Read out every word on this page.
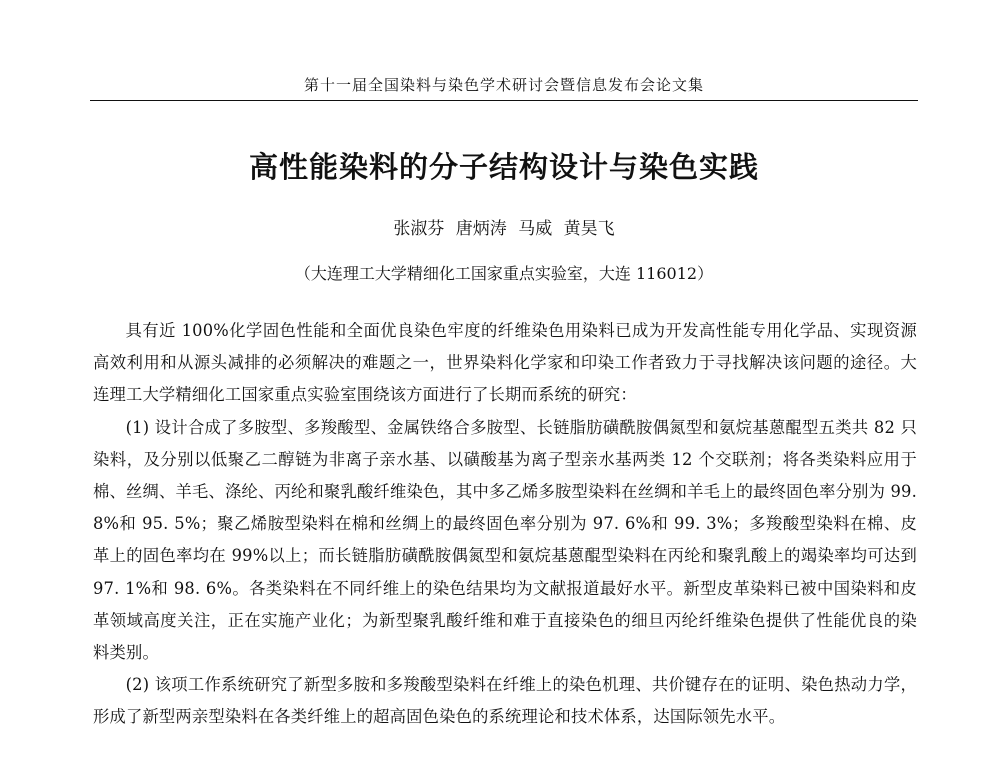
第十一届全国染料与染色学术研讨会暨信息发布会论文集
高性能染料的分子结构设计与染色实践
张淑芬 唐炳涛 马威 黄昊飞
（大连理工大学精细化工国家重点实验室，大连 116012）

具有近 100%化学固色性能和全面优良染色牢度的纤维染色用染料已成为开发高性能专用化学品、实现资源高效利用和从源头减排的必须解决的难题之一，世界染料化学家和印染工作者致力于寻找解决该问题的途径。大连理工大学精细化工国家重点实验室围绕该方面进行了长期而系统的研究：

(1) 设计合成了多胺型、多羧酸型、金属铁络合多胺型、长链脂肪磺酰胺偶氮型和氨烷基蒽醌型五类共 82 只染料，及分别以低聚乙二醇链为非离子亲水基、以磺酸基为离子型亲水基两类 12 个交联剂；将各类染料应用于棉、丝绸、羊毛、涤纶、丙纶和聚乳酸纤维染色，其中多乙烯多胺型染料在丝绸和羊毛上的最终固色率分别为 99. 8%和 95. 5%；聚乙烯胺型染料在棉和丝绸上的最终固色率分别为 97. 6%和 99. 3%；多羧酸型染料在棉、皮革上的固色率均在 99%以上；而长链脂肪磺酰胺偶氮型和氨烷基蒽醌型染料在丙纶和聚乳酸上的竭染率均可达到 97. 1%和 98. 6%。各类染料在不同纤维上的染色结果均为文献报道最好水平。新型皮革染料已被中国染料和皮革领域高度关注，正在实施产业化；为新型聚乳酸纤维和难于直接染色的细旦丙纶纤维染色提供了性能优良的染料类别。

(2) 该项工作系统研究了新型多胺和多羧酸型染料在纤维上的染色机理、共价键存在的证明、染色热动力学，形成了新型两亲型染料在各类纤维上的超高固色染色的系统理论和技术体系，达国际领先水平。
